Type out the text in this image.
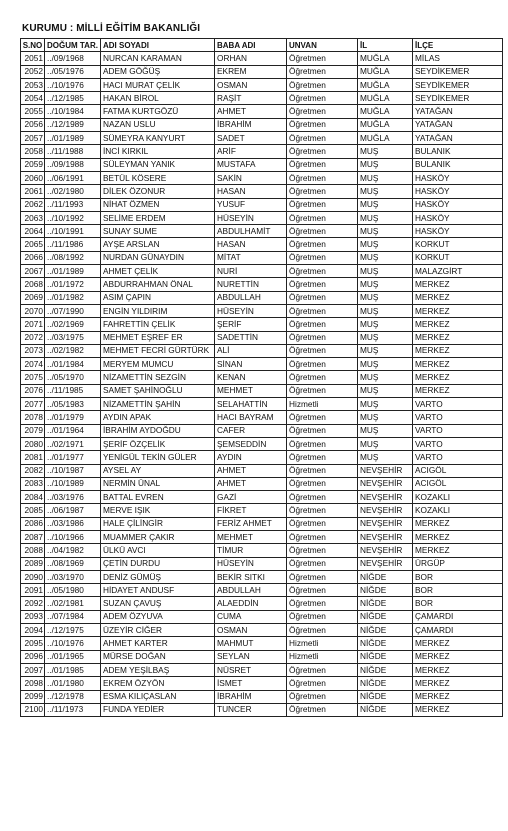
KURUMU : MİLLİ EĞİTİM BAKANLIĞI
S.NO	DOĞUM TAR.	ADI SOYADI	BABA ADI	UNVAN	İL	İLÇE
2051	../09/1968	NURCAN KARAMAN	ORHAN	Öğretmen	MUĞLA	MİLAS
2052	../05/1976	ADEM GÖĞÜŞ	EKREM	Öğretmen	MUĞLA	SEYDİKEMER
2053	../10/1976	HACI MURAT ÇELİK	OSMAN	Öğretmen	MUĞLA	SEYDİKEMER
2054	../12/1985	HAKAN BİROL	RAŞİT	Öğretmen	MUĞLA	SEYDİKEMER
2055	../10/1984	FATMA KURTGÖZÜ	AHMET	Öğretmen	MUĞLA	YATAĞAN
2056	../12/1989	NAZAN USLU	İBRAHİM	Öğretmen	MUĞLA	YATAĞAN
2057	../01/1989	SÜMEYRA KANYURT	SADET	Öğretmen	MUĞLA	YATAĞAN
2058	../11/1988	İNCİ KIRKIL	ARİF	Öğretmen	MUŞ	BULANIK
2059	../09/1988	SÜLEYMAN YANIK	MUSTAFA	Öğretmen	MUŞ	BULANIK
2060	../06/1991	BETÜL KÖSERE	SAKİN	Öğretmen	MUŞ	HASKÖY
2061	../02/1980	DİLEK ÖZONUR	HASAN	Öğretmen	MUŞ	HASKÖY
2062	../11/1993	NİHAT ÖZMEN	YUSUF	Öğretmen	MUŞ	HASKÖY
2063	../10/1992	SELİME ERDEM	HÜSEYİN	Öğretmen	MUŞ	HASKÖY
2064	../10/1991	SUNAY SUME	ABDULHAMİT	Öğretmen	MUŞ	HASKÖY
2065	../11/1986	AYŞE ARSLAN	HASAN	Öğretmen	MUŞ	KORKUT
2066	../08/1992	NURDAN GÜNAYDIN	MİTAT	Öğretmen	MUŞ	KORKUT
2067	../01/1989	AHMET ÇELİK	NURİ	Öğretmen	MUŞ	MALAZGİRT
2068	../01/1972	ABDURRAHMAN ÖNAL	NURETTİN	Öğretmen	MUŞ	MERKEZ
2069	../01/1982	ASIM ÇAPIN	ABDULLAH	Öğretmen	MUŞ	MERKEZ
2070	../07/1990	ENGİN YILDIRIM	HÜSEYİN	Öğretmen	MUŞ	MERKEZ
2071	../02/1969	FAHRETTİN ÇELİK	ŞERİF	Öğretmen	MUŞ	MERKEZ
2072	../03/1975	MEHMET EŞREF ER	SADETTİN	Öğretmen	MUŞ	MERKEZ
2073	../02/1982	MEHMET FECRİ GÜRTÜRK	ALİ	Öğretmen	MUŞ	MERKEZ
2074	../01/1984	MERYEM MUMCU	SİNAN	Öğretmen	MUŞ	MERKEZ
2075	../05/1970	NİZAMETTİN SEZGİN	KENAN	Öğretmen	MUŞ	MERKEZ
2076	../11/1985	SAMET ŞAHİNOĞLU	MEHMET	Öğretmen	MUŞ	MERKEZ
2077	../05/1983	NİZAMETTİN ŞAHİN	SELAHATTİN	Hizmetli	MUŞ	VARTO
2078	../01/1979	AYDIN APAK	HACI BAYRAM	Öğretmen	MUŞ	VARTO
2079	../01/1964	İBRAHİM AYDOĞDU	CAFER	Öğretmen	MUŞ	VARTO
2080	../02/1971	ŞERİF ÖZÇELİK	ŞEMSEDDİN	Öğretmen	MUŞ	VARTO
2081	../01/1977	YENİGÜL TEKİN GÜLER	AYDIN	Öğretmen	MUŞ	VARTO
2082	../10/1987	AYSEL AY	AHMET	Öğretmen	NEVŞEHİR	ACIGÖL
2083	../10/1989	NERMİN ÜNAL	AHMET	Öğretmen	NEVŞEHİR	ACIGÖL
2084	../03/1976	BATTAL EVREN	GAZİ	Öğretmen	NEVŞEHİR	KOZAKLI
2085	../06/1987	MERVE IŞIK	FİKRET	Öğretmen	NEVŞEHİR	KOZAKLI
2086	../03/1986	HALE ÇİLİNGİR	FERİZ AHMET	Öğretmen	NEVŞEHİR	MERKEZ
2087	../10/1966	MUAMMER ÇAKIR	MEHMET	Öğretmen	NEVŞEHİR	MERKEZ
2088	../04/1982	ÜLKÜ AVCI	TİMUR	Öğretmen	NEVŞEHİR	MERKEZ
2089	../08/1969	ÇETİN DURDU	HÜSEYİN	Öğretmen	NEVŞEHİR	ÜRGÜP
2090	../03/1970	DENİZ GÜMÜŞ	BEKİR SITKI	Öğretmen	NİĞDE	BOR
2091	../05/1980	HİDAYET ANDUSF	ABDULLAH	Öğretmen	NİĞDE	BOR
2092	../02/1981	SUZAN ÇAVUŞ	ALAEDDİN	Öğretmen	NİĞDE	BOR
2093	../07/1984	ADEM ÖZYUVA	CUMA	Öğretmen	NİĞDE	ÇAMARDI
2094	../12/1975	ÜZEYİR CİĞER	OSMAN	Öğretmen	NİĞDE	ÇAMARDI
2095	../10/1976	AHMET KARTER	MAHMUT	Hizmetli	NİĞDE	MERKEZ
2096	../01/1965	MÜRSE DOĞAN	SEYLAN	Hizmetli	NİĞDE	MERKEZ
2097	../01/1985	ADEM YEŞİLBAŞ	NÜSRET	Öğretmen	NİĞDE	MERKEZ
2098	../01/1980	EKREM ÖZYÖN	İSMET	Öğretmen	NİĞDE	MERKEZ
2099	../12/1978	ESMA KILIÇASLAN	İBRAHİM	Öğretmen	NİĞDE	MERKEZ
2100	../11/1973	FUNDA YEDİER	TUNCER	Öğretmen	NİĞDE	MERKEZ
